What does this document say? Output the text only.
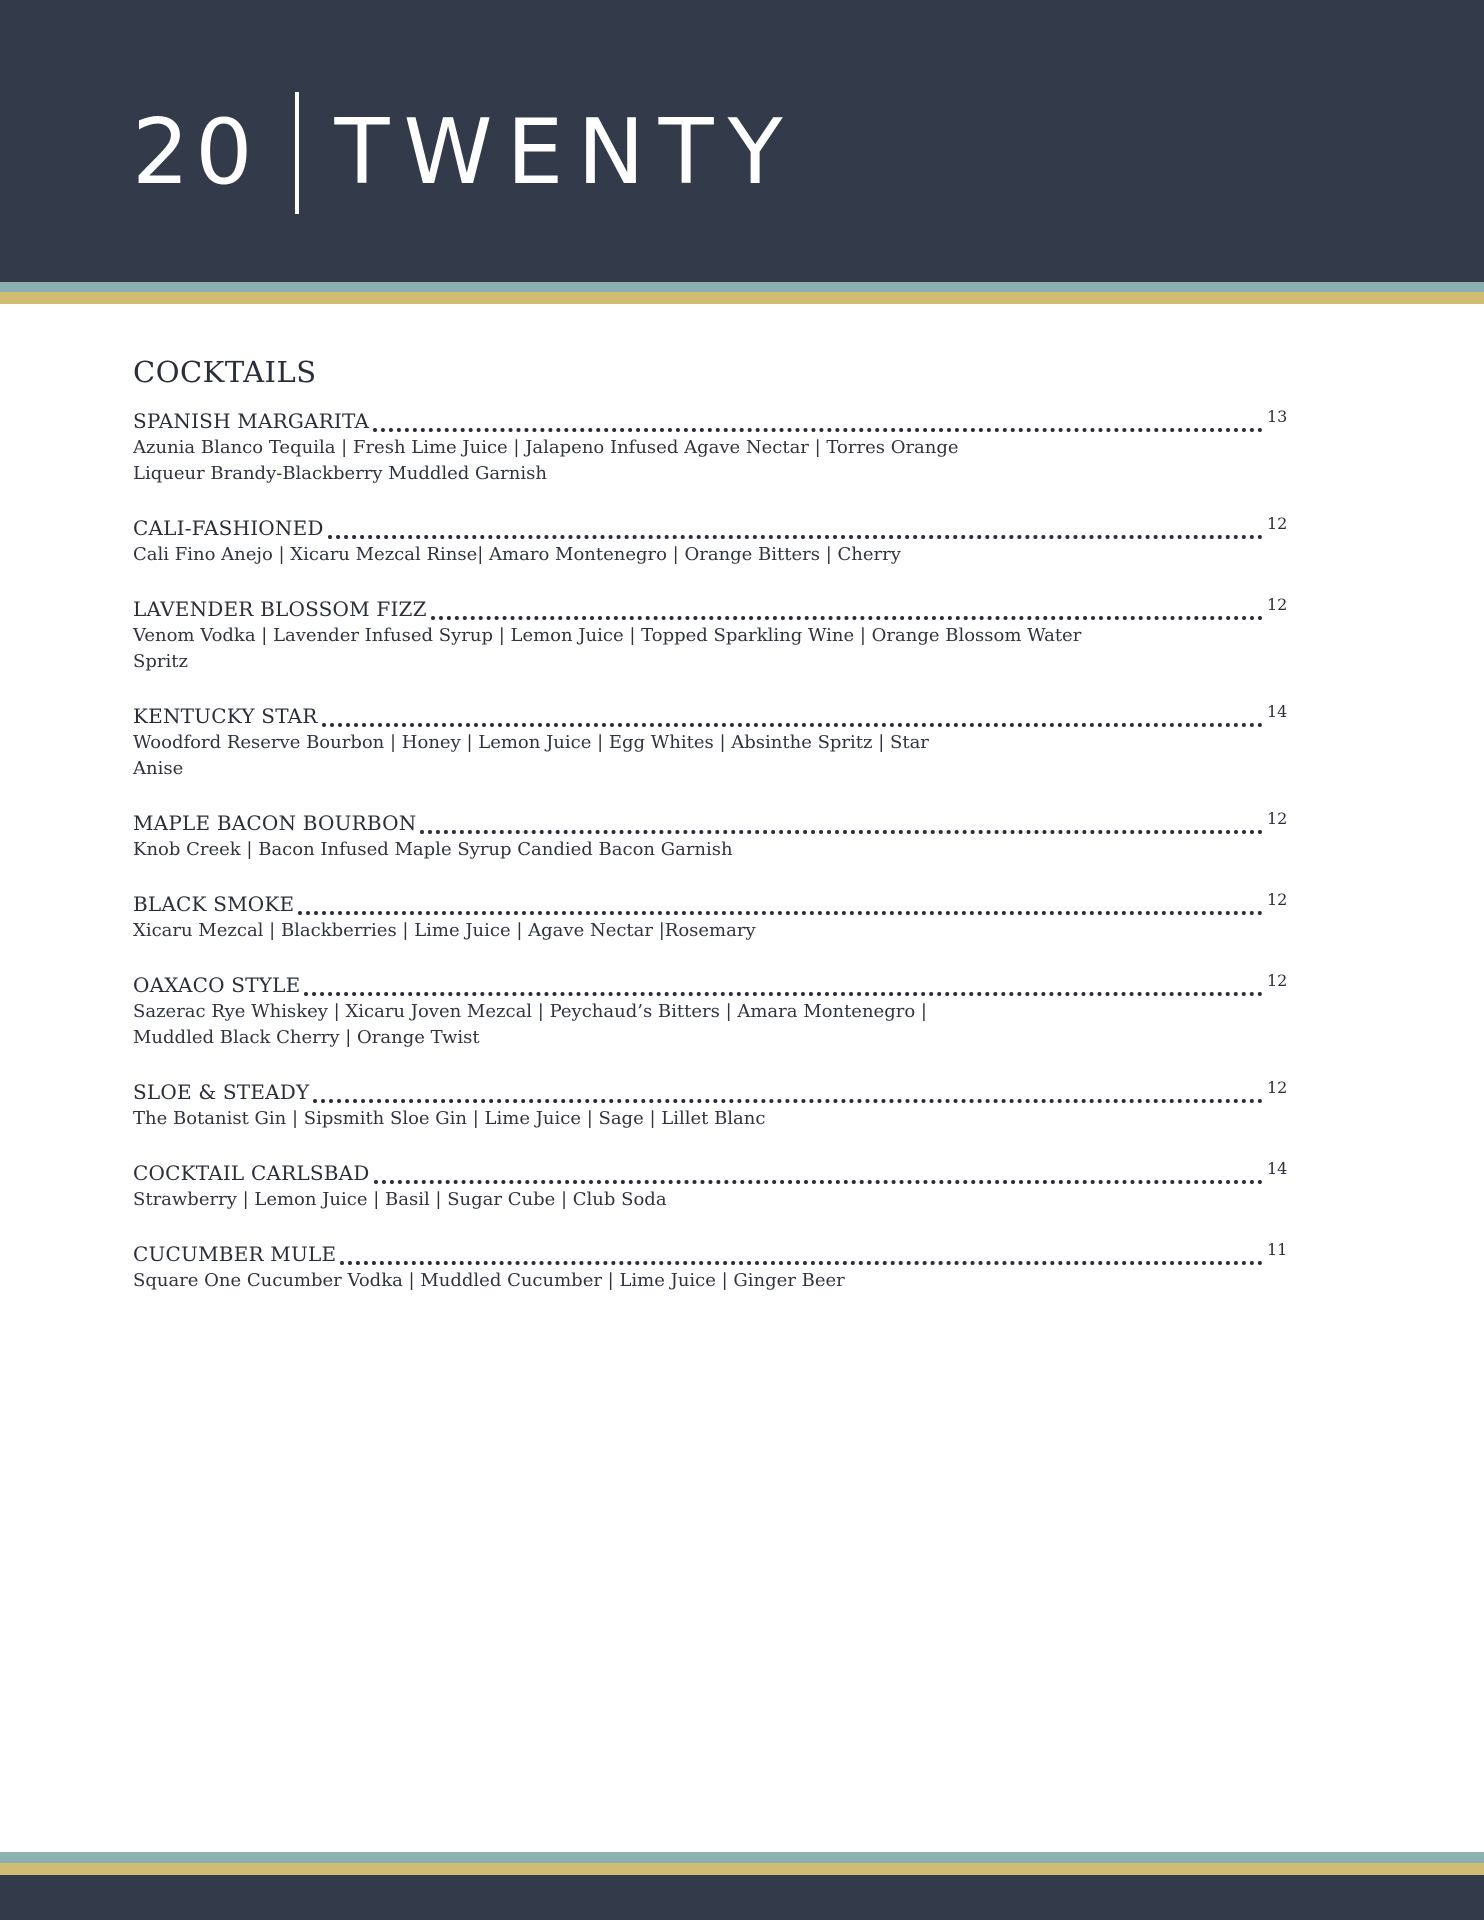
20 TWENTY
COCKTAILS
SPANISH MARGARITA	13
Azunia Blanco Tequila | Fresh Lime Juice | Jalapeno Infused Agave Nectar | Torres Orange Liqueur Brandy-Blackberry Muddled Garnish
CALI-FASHIONED	12
Cali Fino Anejo | Xicaru Mezcal Rinse| Amaro Montenegro | Orange Bitters | Cherry
LAVENDER BLOSSOM FIZZ	12
Venom Vodka | Lavender Infused Syrup | Lemon Juice | Topped Sparkling Wine | Orange Blossom Water Spritz
KENTUCKY STAR	14
Woodford Reserve Bourbon | Honey | Lemon Juice | Egg Whites | Absinthe Spritz | Star Anise
MAPLE BACON BOURBON	12
Knob Creek | Bacon Infused Maple Syrup Candied Bacon Garnish
BLACK SMOKE	12
Xicaru Mezcal | Blackberries | Lime Juice | Agave Nectar |Rosemary
OAXACO STYLE	12
Sazerac Rye Whiskey | Xicaru Joven Mezcal | Peychaud’s Bitters | Amara Montenegro | Muddled Black Cherry | Orange Twist
SLOE & STEADY	12
The Botanist Gin | Sipsmith Sloe Gin | Lime Juice | Sage | Lillet Blanc
COCKTAIL CARLSBAD	14
Strawberry | Lemon Juice | Basil | Sugar Cube | Club Soda
CUCUMBER MULE	11
Square One Cucumber Vodka | Muddled Cucumber | Lime Juice | Ginger Beer
